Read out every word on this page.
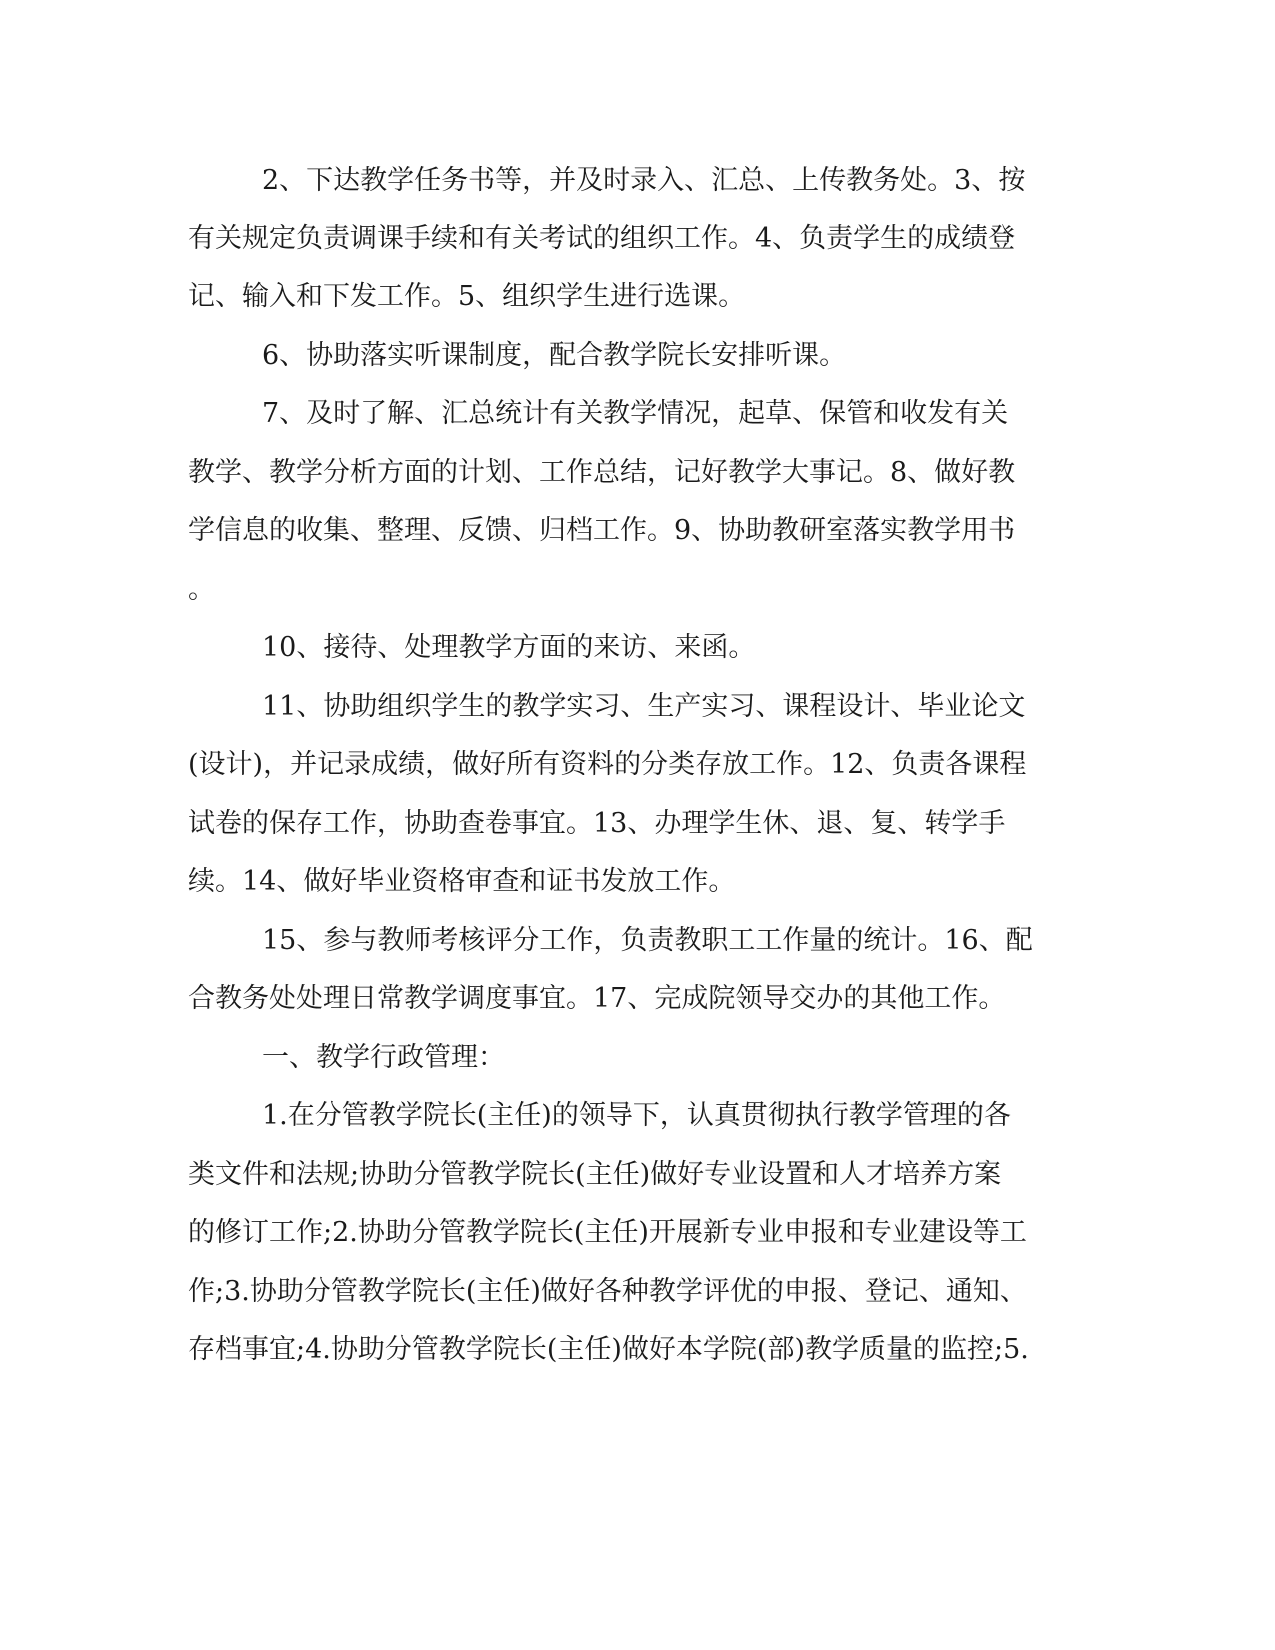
2、下达教学任务书等，并及时录入、汇总、上传教务处。3、按

有关规定负责调课手续和有关考试的组织工作。4、负责学生的成绩登

记、输入和下发工作。5、组织学生进行选课。

6、协助落实听课制度，配合教学院长安排听课。

7、及时了解、汇总统计有关教学情况，起草、保管和收发有关

教学、教学分析方面的计划、工作总结，记好教学大事记。8、做好教

学信息的收集、整理、反馈、归档工作。9、协助教研室落实教学用书

。

10、接待、处理教学方面的来访、来函。

11、协助组织学生的教学实习、生产实习、课程设计、毕业论文

(设计)，并记录成绩，做好所有资料的分类存放工作。12、负责各课程

试卷的保存工作，协助查卷事宜。13、办理学生休、退、复、转学手

续。14、做好毕业资格审查和证书发放工作。

15、参与教师考核评分工作，负责教职工工作量的统计。16、配

合教务处处理日常教学调度事宜。17、完成院领导交办的其他工作。

一、教学行政管理：

1.在分管教学院长(主任)的领导下，认真贯彻执行教学管理的各

类文件和法规;协助分管教学院长(主任)做好专业设置和人才培养方案

的修订工作;2.协助分管教学院长(主任)开展新专业申报和专业建设等工

作;3.协助分管教学院长(主任)做好各种教学评优的申报、登记、通知、

存档事宜;4.协助分管教学院长(主任)做好本学院(部)教学质量的监控;5.
